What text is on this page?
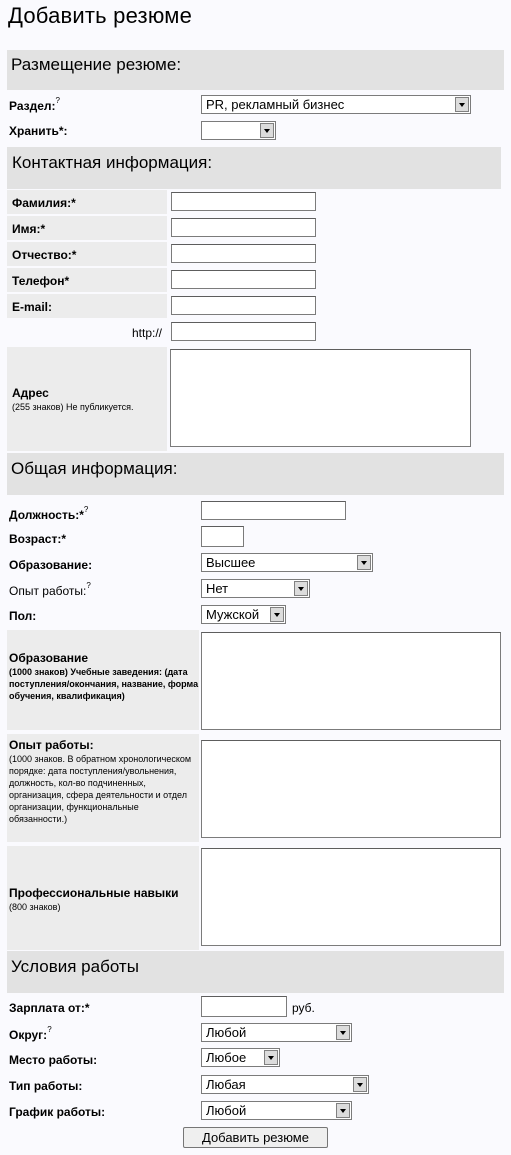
Добавить резюме
Размещение резюме:
Раздел:?	PR, рекламный бизнес
Хранить*:
Контактная информация:
Фамилия:*
Имя:*
Отчество:*
Телефон*
E-mail:
http://
Адрес
(255 знаков) Не публикуется.
Общая информация:
Должность:*?
Возраст:*
Образование:	Высшее
Опыт работы:?	Нет
Пол:	Мужской
Образование
(1000 знаков) Учебные заведения: (дата поступления/окончания, название, форма обучения, квалификация)
Опыт работы:
(1000 знаков. В обратном хронологическом порядке: дата поступления/увольнения, должность, кол-во подчиненных, организация, сфера деятельности и отдел организации, функциональные обязанности.)
Профессиональные навыки
(800 знаков)
Условия работы
Зарплата от:*	руб.
Округ:?	Любой
Место работы:	Любое
Тип работы:	Любая
График работы:	Любой
Добавить резюме
